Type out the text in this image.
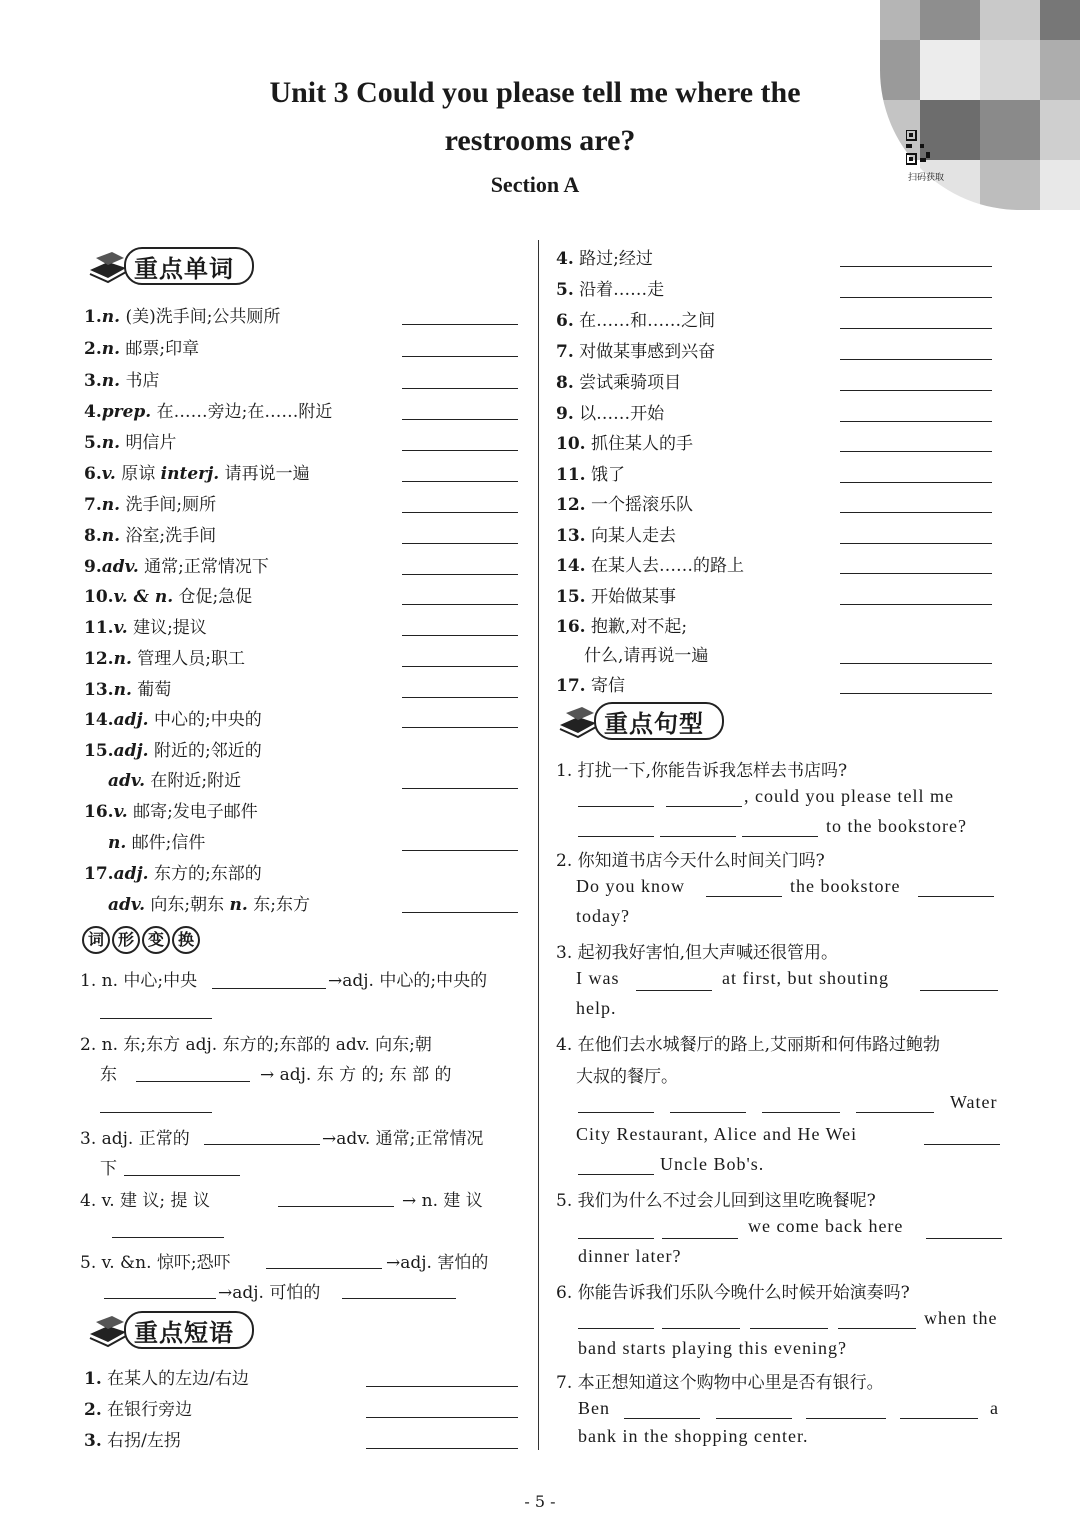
Unit 3 Could you please tell me where the
restrooms are?
Section A	扫码获取
重点单词
1.n. (美)洗手间;公共厕所
2.n. 邮票;印章
3.n. 书店
4.prep. 在……旁边;在……附近
5.n. 明信片
6.v. 原谅 interj. 请再说一遍
7.n. 洗手间;厕所
8.n. 浴室;洗手间
9.adv. 通常;正常情况下
10.v. & n. 仓促;急促
11.v. 建议;提议
12.n. 管理人员;职工
13.n. 葡萄
14.adj. 中心的;中央的
15.adj. 附近的;邻近的
adv. 在附近;附近
16.v. 邮寄;发电子邮件
n. 邮件;信件
17.adj. 东方的;东部的
adv. 向东;朝东 n. 东;东方
词 形 变 换
1. n. 中心;中央	→adj. 中心的;中央的
2. n. 东;东方 adj. 东方的;东部的 adv. 向东;朝
东	→ adj. 东 方 的; 东 部 的
3. adj. 正常的	→adv. 通常;正常情况
下
4. v. 建 议; 提 议	→ n. 建 议
5. v. &n. 惊吓;恐吓	→adj. 害怕的
→adj. 可怕的
重点短语
1. 在某人的左边/右边
2. 在银行旁边
3. 右拐/左拐
4. 路过;经过
5. 沿着……走
6. 在……和……之间
7. 对做某事感到兴奋
8. 尝试乘骑项目
9. 以……开始
10. 抓住某人的手
11. 饿了
12. 一个摇滚乐队
13. 向某人走去
14. 在某人去……的路上
15. 开始做某事
16. 抱歉,对不起;
什么,请再说一遍
17. 寄信
重点句型
1. 打扰一下,你能告诉我怎样去书店吗?
, could you please tell me
to the bookstore?
2. 你知道书店今天什么时间关门吗?
Do you know	the bookstore
today?
3. 起初我好害怕,但大声喊还很管用。
I was	at first, but shouting
help.
4. 在他们去水城餐厅的路上,艾丽斯和何伟路过鲍勃
大叔的餐厅。
Water
City Restaurant, Alice and He Wei
Uncle Bob's.
5. 我们为什么不过会儿回到这里吃晚餐呢?
we come back here
dinner later?
6. 你能告诉我们乐队今晚什么时候开始演奏吗?
when the
band starts playing this evening?
7. 本正想知道这个购物中心里是否有银行。
Ben	a
bank in the shopping center.
- 5 -
